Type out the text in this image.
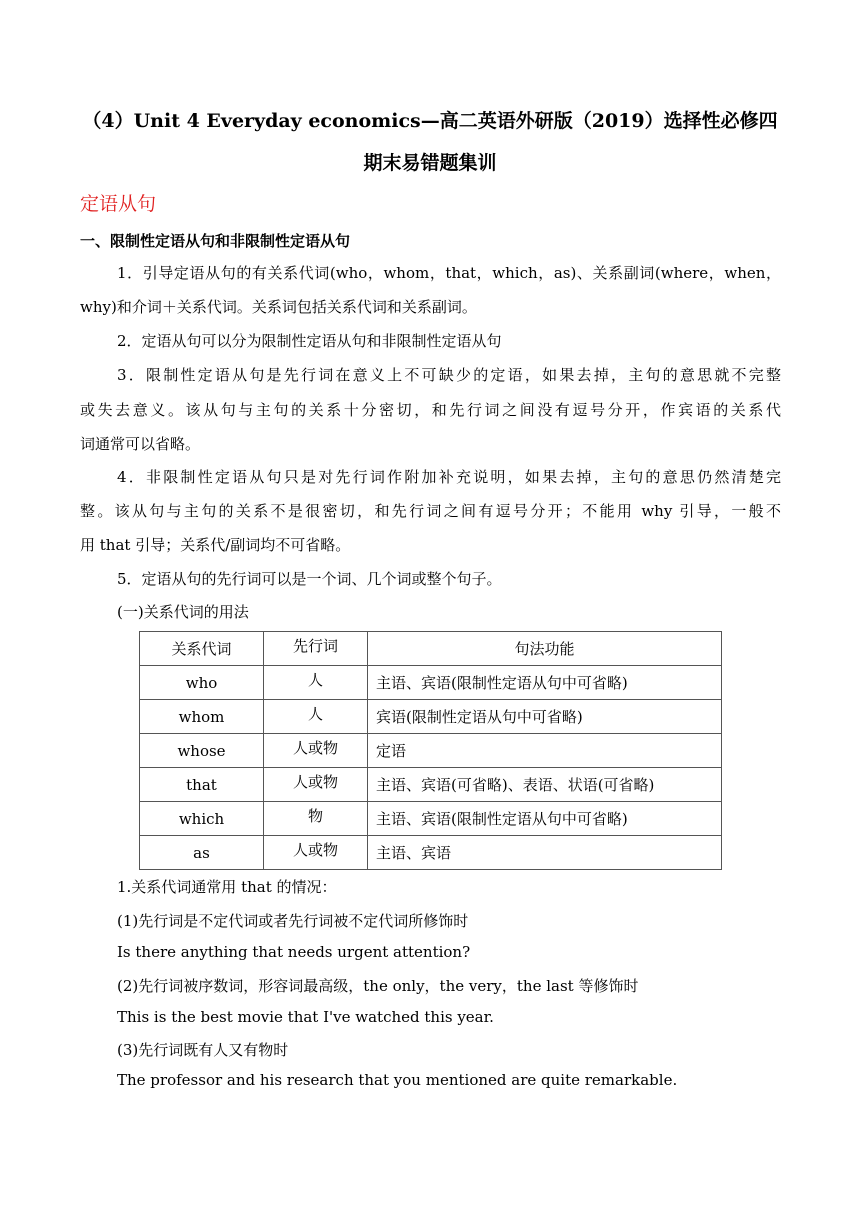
（4）Unit 4 Everyday economics—高二英语外研版（2019）选择性必修四
期末易错题集训
定语从句
一、限制性定语从句和非限制性定语从句
1．引导定语从句的有关系代词(who，whom，that，which，as)、关系副词(where，when，
why)和介词＋关系代词。关系词包括关系代词和关系副词。
2．定语从句可以分为限制性定语从句和非限制性定语从句
3．限制性定语从句是先行词在意义上不可缺少的定语，如果去掉，主句的意思就不完整
或失去意义。该从句与主句的关系十分密切，和先行词之间没有逗号分开，作宾语的关系代
词通常可以省略。
4．非限制性定语从句只是对先行词作附加补充说明，如果去掉，主句的意思仍然清楚完
整。该从句与主句的关系不是很密切，和先行词之间有逗号分开；不能用 why 引导，一般不
用 that 引导；关系代/副词均不可省略。
5．定语从句的先行词可以是一个词、几个词或整个句子。
(一)关系代词的用法
关系代词	先行词	句法功能
who	人	主语、宾语(限制性定语从句中可省略)
whom	人	宾语(限制性定语从句中可省略)
whose	人或物	定语
that	人或物	主语、宾语(可省略)、表语、状语(可省略)
which	物	主语、宾语(限制性定语从句中可省略)
as	人或物	主语、宾语
1.关系代词通常用 that 的情况：
(1)先行词是不定代词或者先行词被不定代词所修饰时
Is there anything that needs urgent attention?
(2)先行词被序数词，形容词最高级，the only，the very，the last 等修饰时
This is the best movie that I've watched this year.
(3)先行词既有人又有物时
The professor and his research that you mentioned are quite remarkable.
